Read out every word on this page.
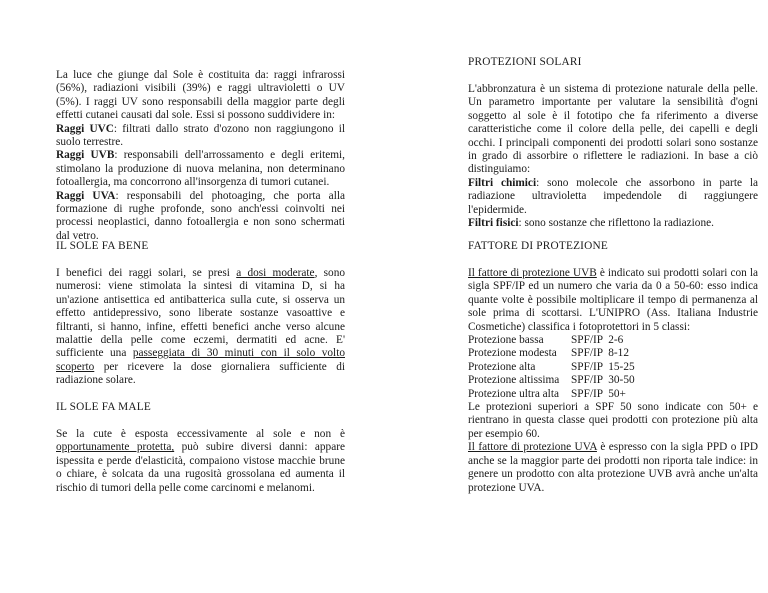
La luce che giunge dal Sole è costituita da: raggi infrarossi (56%), radiazioni visibili (39%) e raggi ultravioletti o UV (5%). I raggi UV sono responsabili della maggior parte degli effetti cutanei causati dal sole. Essi si possono suddividere in:

Raggi UVC: filtrati dallo strato d'ozono non raggiungono il suolo terrestre.

Raggi UVB: responsabili dell'arrossamento e degli eritemi, stimolano la produzione di nuova melanina, non determinano fotoallergia, ma concorrono all'insorgenza di tumori cutanei.

Raggi UVA: responsabili del photoaging, che porta alla formazione di rughe profonde, sono anch'essi coinvolti nei processi neoplastici, danno fotoallergia e non sono schermati dal vetro.

IL SOLE FA BENE

I benefici dei raggi solari, se presi a dosi moderate, sono numerosi: viene stimolata la sintesi di vitamina D, si ha un'azione antisettica ed antibatterica sulla cute, si osserva un effetto antidepressivo, sono liberate sostanze vasoattive e filtranti, si hanno, infine, effetti benefici anche verso alcune malattie della pelle come eczemi, dermatiti ed acne. E' sufficiente una passeggiata di 30 minuti con il solo volto scoperto per ricevere la dose giornaliera sufficiente di radiazione solare.

IL SOLE FA MALE

Se la cute è esposta eccessivamente al sole e non è opportunamente protetta, può subire diversi danni: appare ispessita e perde d'elasticità, compaiono vistose macchie brune o chiare, è solcata da una rugosità grossolana ed aumenta il rischio di tumori della pelle come carcinomi e melanomi.

PROTEZIONI SOLARI

L'abbronzatura è un sistema di protezione naturale della pelle. Un parametro importante per valutare la sensibilità d'ogni soggetto al sole è il fototipo che fa riferimento a diverse caratteristiche come il colore della pelle, dei capelli e degli occhi. I principali componenti dei prodotti solari sono sostanze in grado di assorbire o riflettere le radiazioni. In base a ciò distinguiamo:

Filtri chimici: sono molecole che assorbono in parte la radiazione ultravioletta impedendole di raggiungere l'epidermide.

Filtri fisici: sono sostanze che riflettono la radiazione.

FATTORE DI PROTEZIONE

Il fattore di protezione UVB è indicato sui prodotti solari con la sigla SPF/IP ed un numero che varia da 0 a 50-60: esso indica quante volte è possibile moltiplicare il tempo di permanenza al sole prima di scottarsi. L'UNIPRO (Ass. Italiana Industrie Cosmetiche) classifica i fotoprotettori in 5 classi:

Protezione bassa SPF/IP  2-6
Protezione modesta SPF/IP  8-12
Protezione alta	SPF/IP  15-25
Protezione altissima SPF/IP  30-50
Protezione ultra alta SPF/IP  50+

Le protezioni superiori a SPF 50 sono indicate con 50+ e rientrano in questa classe quei prodotti con protezione più alta per esempio 60.

Il fattore di protezione UVA è espresso con la sigla PPD o IPD anche se la maggior parte dei prodotti non riporta tale indice: in genere un prodotto con alta protezione UVB avrà anche un'alta protezione UVA.
